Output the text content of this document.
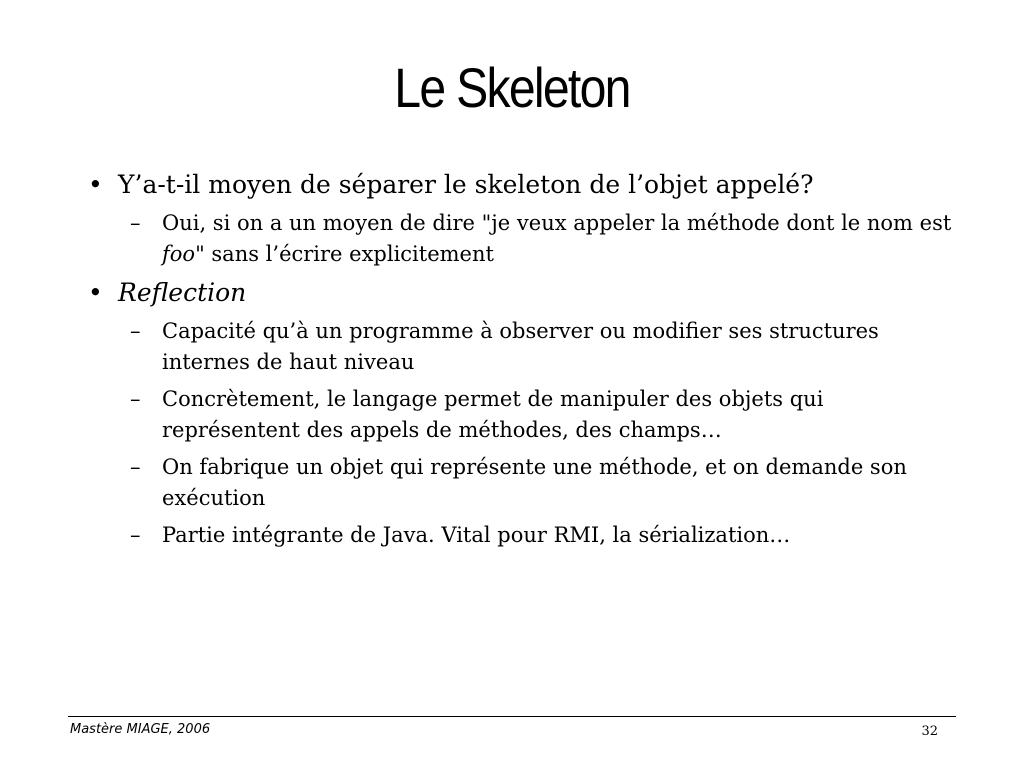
Le Skeleton
• Y’a-t-il moyen de séparer le skeleton de l’objet appelé?
– Oui, si on a un moyen de dire "je veux appeler la méthode dont le nom est foo" sans l’écrire explicitement
• Reflection
– Capacité qu’à un programme à observer ou modifier ses structures internes de haut niveau
– Concrètement, le langage permet de manipuler des objets qui représentent des appels de méthodes, des champs…
– On fabrique un objet qui représente une méthode, et on demande son exécution
– Partie intégrante de Java. Vital pour RMI, la sérialization…
Mastère MIAGE, 2006	32
